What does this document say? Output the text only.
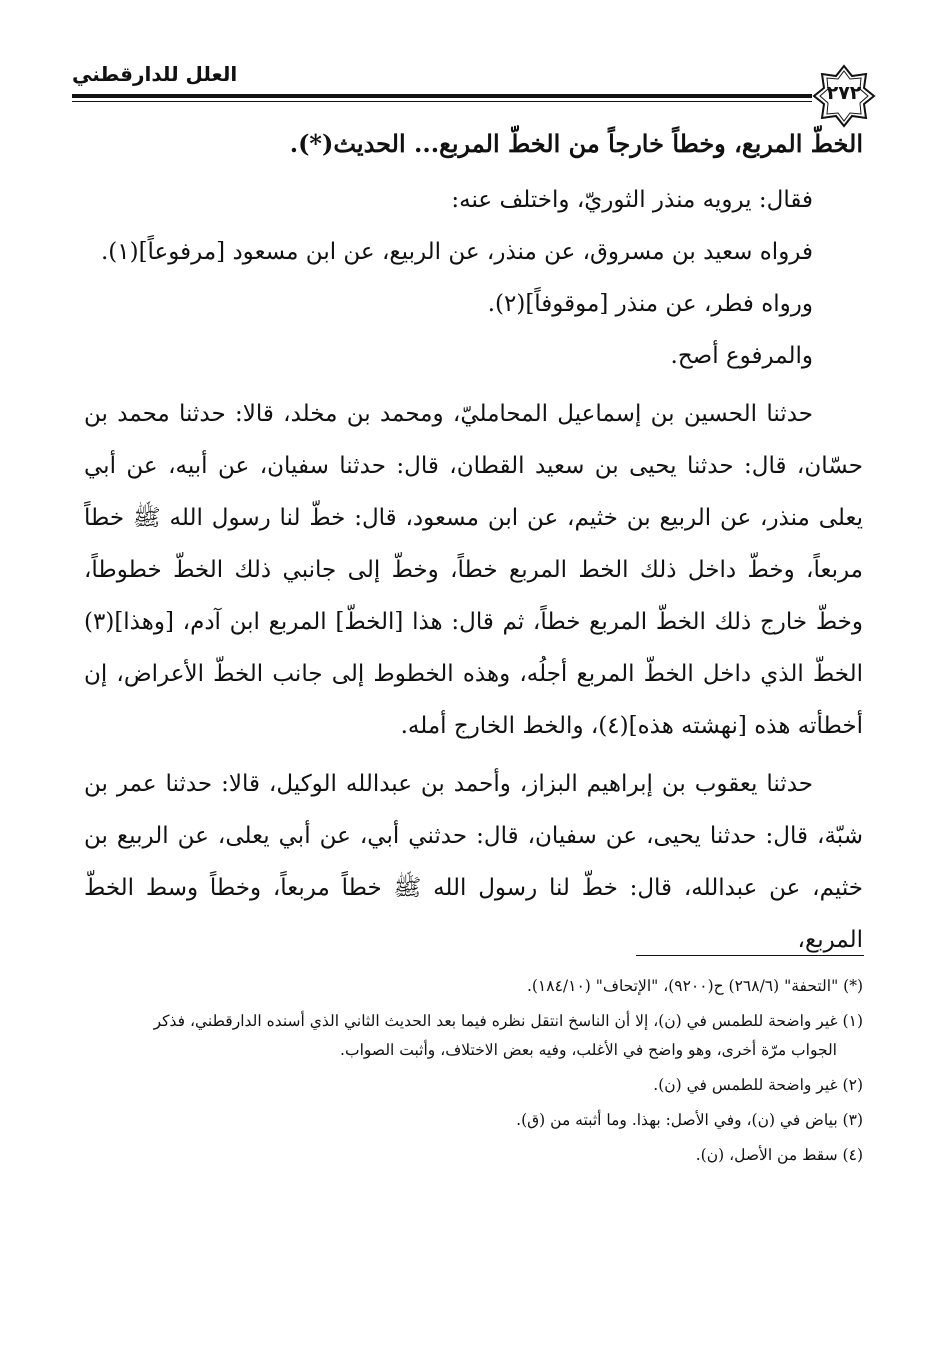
العلل للدارقطني
٢٧٢

الخطّ المربع، وخطاً خارجاً من الخطّ المربع... الحديث(*).

فقال: يرويه منذر الثوريّ، واختلف عنه:

فرواه سعيد بن مسروق، عن منذر، عن الربيع، عن ابن مسعود [مرفوعاً](١).

ورواه فطر، عن منذر [موقوفاً](٢).

والمرفوع أصح.

حدثنا الحسين بن إسماعيل المحامليّ، ومحمد بن مخلد، قالا: حدثنا محمد بن حسّان، قال: حدثنا يحيى بن سعيد القطان، قال: حدثنا سفيان، عن أبيه، عن أبي يعلى منذر، عن الربيع بن خثيم، عن ابن مسعود، قال: خطّ لنا رسول الله ﷺ خطاً مربعاً، وخطّ داخل ذلك الخط المربع خطاً، وخطّ إلى جانبي ذلك الخطّ خطوطاً، وخطّ خارج ذلك الخطّ المربع خطاً، ثم قال: هذا [الخطّ] المربع ابن آدم، [وهذا](٣) الخطّ الذي داخل الخطّ المربع أجلُه، وهذه الخطوط إلى جانب الخطّ الأعراض، إن أخطأته هذه [نهشته هذه](٤)، والخط الخارج أمله.

حدثنا يعقوب بن إبراهيم البزاز، وأحمد بن عبدالله الوكيل، قالا: حدثنا عمر بن شبّة، قال: حدثنا يحيى، عن سفيان، قال: حدثني أبي، عن أبي يعلى، عن الربيع بن خثيم، عن عبدالله، قال: خطّ لنا رسول الله ﷺ خطاً مربعاً، وخطاً وسط الخطّ المربع،

(*) "التحفة" (٢٦٨/٦) ح(٩٢٠٠)، "الإتحاف" (١٨٤/١٠).

(١) غير واضحة للطمس في (ن)، إلا أن الناسخ انتقل نظره فيما بعد الحديث الثاني الذي أسنده الدارقطني، فذكر

الجواب مرّة أخرى، وهو واضح في الأغلب، وفيه بعض الاختلاف، وأثبت الصواب.

(٢) غير واضحة للطمس في (ن).

(٣) بياض في (ن)، وفي الأصل: بهذا. وما أثبته من (ق).

(٤) سقط من الأصل، (ن).
